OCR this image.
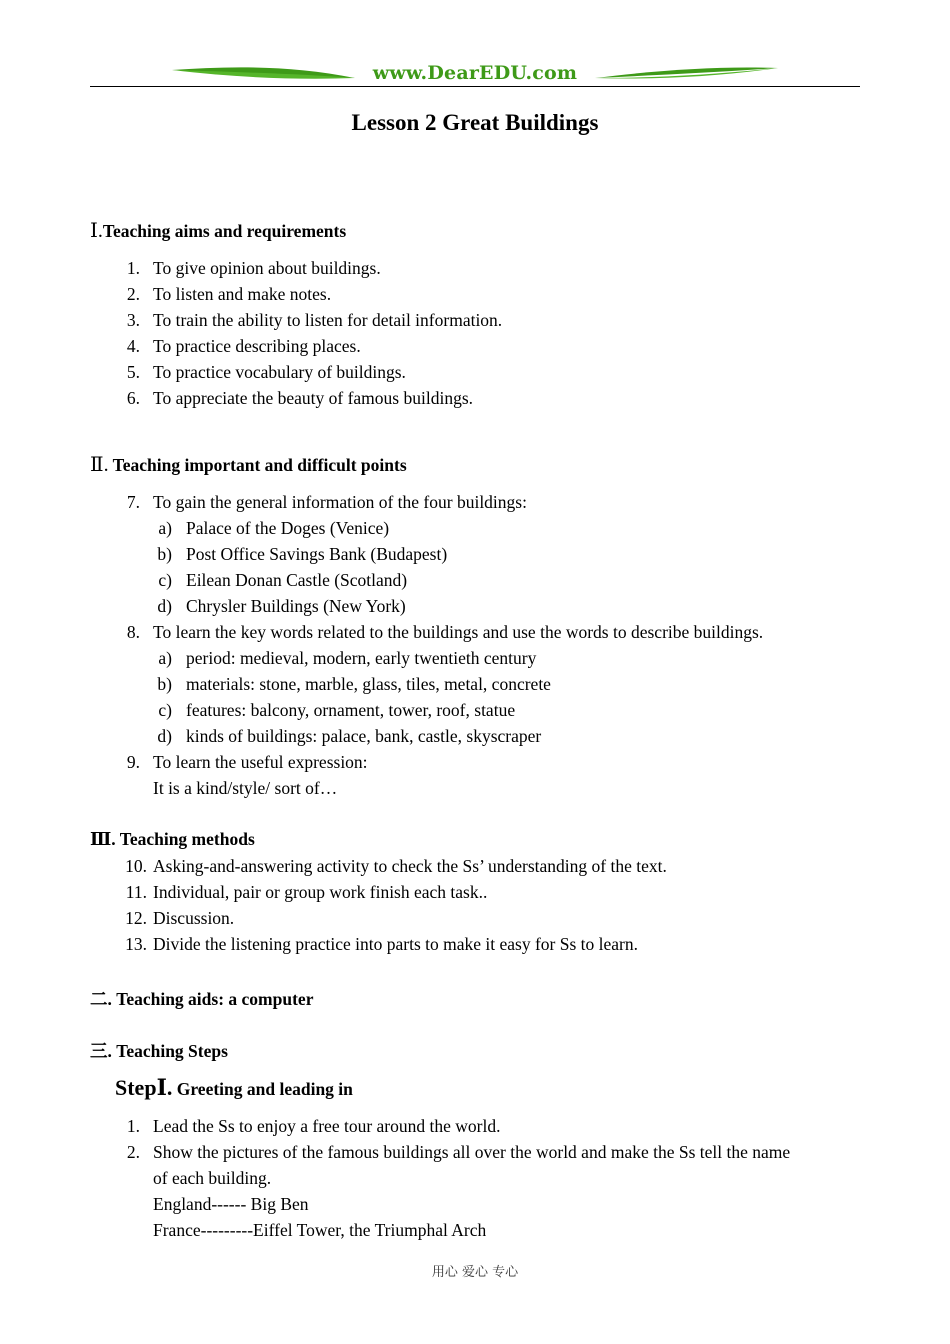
www.DearEDU.com
Lesson 2 Great Buildings
Ⅰ.Teaching aims and requirements
1. To give opinion about buildings.
2. To listen and make notes.
3. To train the ability to listen for detail information.
4. To practice describing places.
5. To practice vocabulary of buildings.
6. To appreciate the beauty of famous buildings.
Ⅱ. Teaching important and difficult points
7. To gain the general information of the four buildings:
a) Palace of the Doges (Venice)
b) Post Office Savings Bank (Budapest)
c) Eilean Donan Castle (Scotland)
d) Chrysler Buildings (New York)
8. To learn the key words related to the buildings and use the words to describe buildings.
a) period: medieval, modern, early twentieth century
b) materials: stone, marble, glass, tiles, metal, concrete
c) features: balcony, ornament, tower, roof, statue
d) kinds of buildings: palace, bank, castle, skyscraper
9. To learn the useful expression:
It is a kind/style/ sort of…
Ⅲ. Teaching methods
10. Asking-and-answering activity to check the Ss’ understanding of the text.
11. Individual, pair or group work finish each task..
12. Discussion.
13. Divide the listening practice into parts to make it easy for Ss to learn.
二. Teaching aids: a computer
三. Teaching Steps
StepⅠ. Greeting and leading in
1. Lead the Ss to enjoy a free tour around the world.
2. Show the pictures of the famous buildings all over the world and make the Ss tell the name
of each building.
England------ Big Ben
France---------Eiffel Tower, the Triumphal Arch
用心 爱心 专心
